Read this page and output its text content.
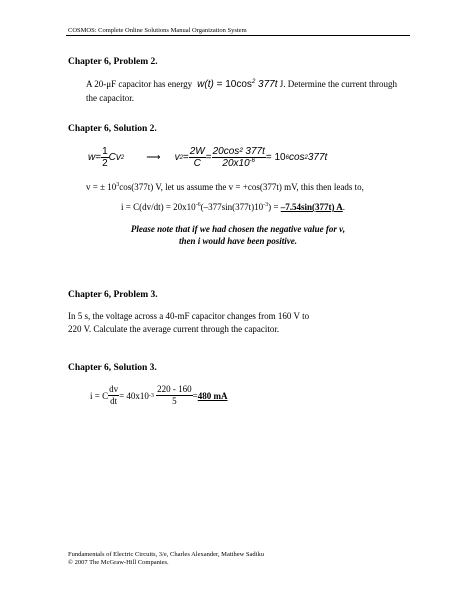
COSMOS: Complete Online Solutions Manual Organization System
Chapter 6, Problem 2.
A 20-μF capacitor has energy $w(t) = 10\cos^2$ 377t J. Determine the current through
the capacitor.
Chapter 6, Solution 2.
$w = \frac{1}{2}$ Cv 2 ⟶ v $2 = \frac{2W}{C} = \frac{\text{20cos² 377t}}{20x10^{-6}} = 10$ 6 cos 2 377t
v = ± $10^3\cos(377t)$ V, let us assume the v = +cos(377t) mV, this then leads to,
$i = C(dv/dt) = 20x10^{-6}(-377\sin(377t)10^{-3}) = -7.54\sin(377t)$ A.
Please note that if we had chosen the negative value for v,
then i would have been positive.
Chapter 6, Problem 3.
In 5 s, the voltage across a 40-mF capacitor changes from 160 V to
220 V. Calculate the average current through the capacitor.
Chapter 6, Solution 3.
i = C $\frac{dv}{dt} = 40x10$ -3
$\frac{220 - 160}{5} = 480$ mA
Fundamentals of Electric Circuits, 3/e, Charles Alexander, Matthew Sadiku
© 2007 The McGraw-Hill Companies.
